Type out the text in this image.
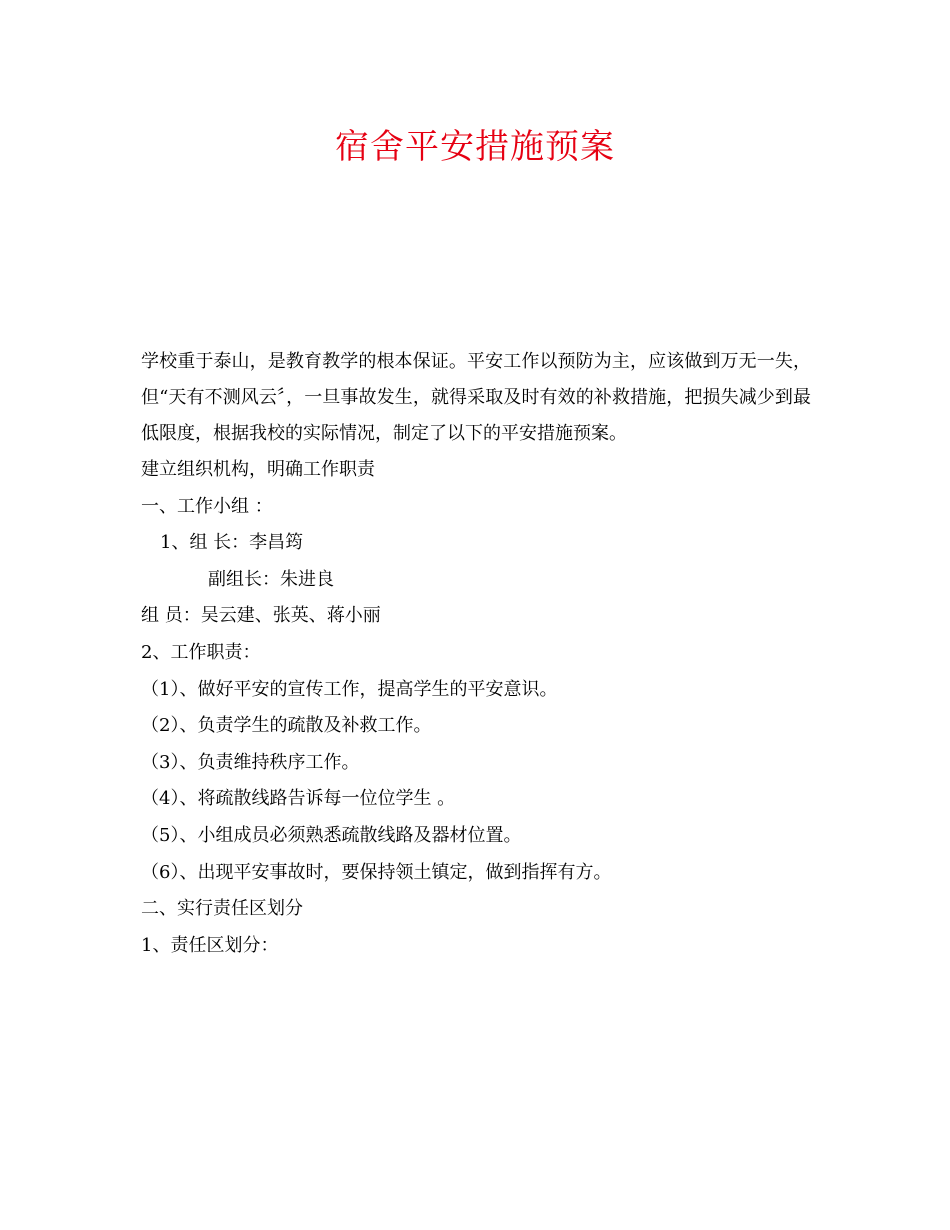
宿舍平安措施预案

学校重于泰山，是教育教学的根本保证。平安工作以预防为主，应该做到万无一失，但“天有不测风云〞，一旦事故发生，就得采取及时有效的补救措施，把损失减少到最低限度，根据我校的实际情况，制定了以下的平安措施预案。

建立组织机构，明确工作职责

一、工作小组 ：

1、组 长：李昌筠

副组长：朱进良

组 员：吴云建、张英、蒋小丽

2、工作职责：

（1）、做好平安的宣传工作，提高学生的平安意识。

（2）、负责学生的疏散及补救工作。

（3）、负责维持秩序工作。

（4）、将疏散线路告诉每一位位学生 。

（5）、小组成员必须熟悉疏散线路及器材位置。

（6）、出现平安事故时，要保持领土镇定，做到指挥有方。

二、实行责任区划分

1、责任区划分：
